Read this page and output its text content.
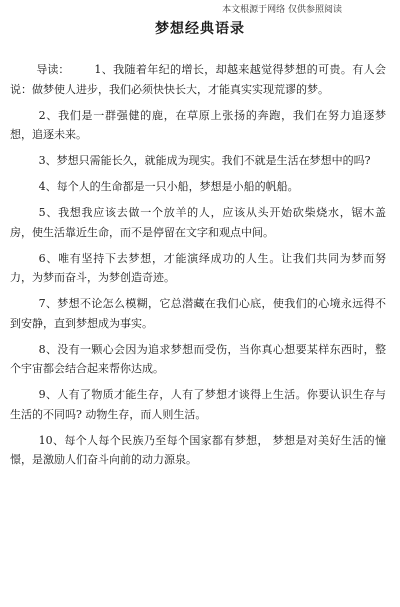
本文根源于网络 仅供参照阅读
梦想经典语录

导读： 1、我随着年纪的增长，却越来越觉得梦想的可贵。有人会说：做梦使人进步，我们必须快快长大，才能真实实现荒谬的梦。

2、我们是一群强健的鹿，在草原上张扬的奔跑，我们在努力追逐梦想，追逐未来。

3、梦想只需能长久，就能成为现实。我们不就是生活在梦想中的吗?

4、每个人的生命都是一只小船，梦想是小船的帆船。

5、我想我应该去做一个放羊的人，应该从头开始砍柴烧水，锯木盖房，使生活靠近生命，而不是停留在文字和观点中间。

6、唯有坚持下去梦想，才能演绎成功的人生。让我们共同为梦而努力，为梦而奋斗，为梦创造奇迹。

7、梦想不论怎么模糊，它总潜藏在我们心底，使我们的心境永远得不到安静，直到梦想成为事实。

8、没有一颗心会因为追求梦想而受伤，当你真心想要某样东西时，整个宇宙都会结合起来帮你达成。

9、人有了物质才能生存，人有了梦想才谈得上生活。你要认识生存与生活的不同吗? 动物生存，而人则生活。

10、每个人每个民族乃至每个国家都有梦想， 梦想是对美好生活的憧憬，是激励人们奋斗向前的动力源泉。
